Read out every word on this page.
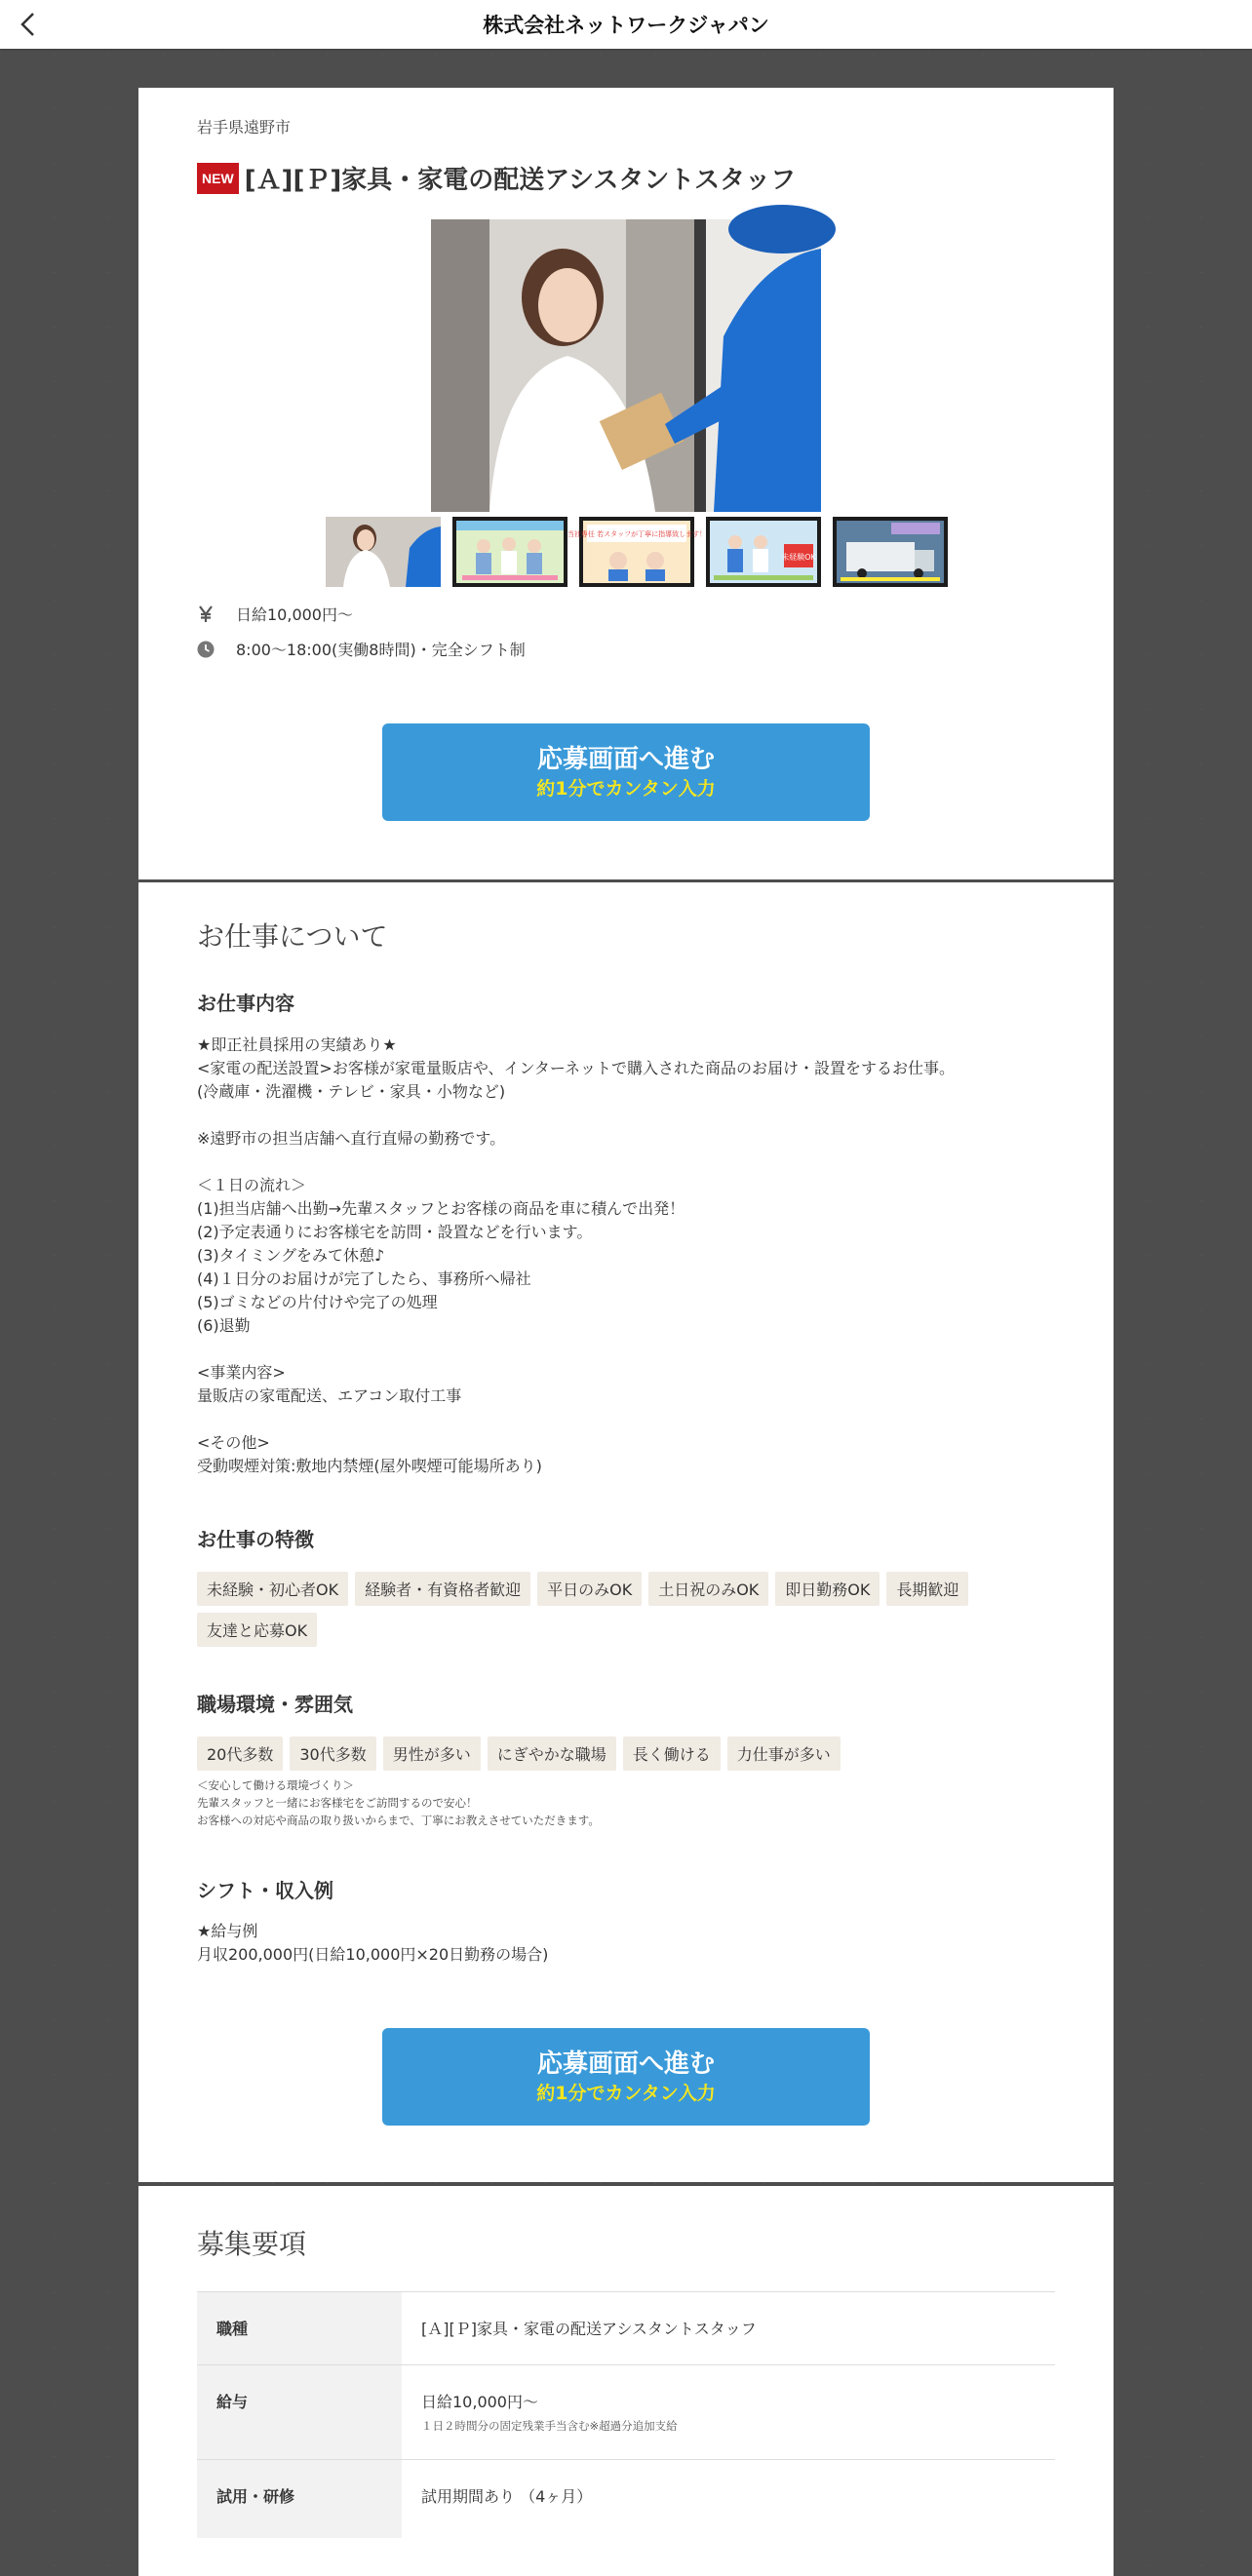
株式会社ネットワークジャパン
岩手県遠野市
NEW [Ａ][Ｐ]家具・家電の配送アシスタントスタッフ
当社専任 若スタッフが丁寧に指導致します！
未経験OK
日給10,000円〜
8:00～18:00(実働8時間)・完全シフト制
応募画面へ進む
約1分でカンタン入力
お仕事について
お仕事内容
★即正社員採用の実績あり★
<家電の配送設置>お客様が家電量販店や、インターネットで購入された商品のお届け・設置をするお仕事。
(冷蔵庫・洗濯機・テレビ・家具・小物など)

※遠野市の担当店舗へ直行直帰の勤務です。

＜１日の流れ＞
(1)担当店舗へ出勤→先輩スタッフとお客様の商品を車に積んで出発！
(2)予定表通りにお客様宅を訪問・設置などを行います。
(3)タイミングをみて休憩♪
(4)１日分のお届けが完了したら、事務所へ帰社
(5)ゴミなどの片付けや完了の処理
(6)退勤

<事業内容>
量販店の家電配送、エアコン取付工事

<その他>
受動喫煙対策:敷地内禁煙(屋外喫煙可能場所あり)
お仕事の特徴
未経験・初心者OK	経験者・有資格者歓迎	平日のみOK	土日祝のみOK	即日勤務OK	長期歓迎
友達と応募OK
職場環境・雰囲気
20代多数	30代多数	男性が多い	にぎやかな職場	長く働ける	力仕事が多い
＜安心して働ける環境づくり＞
先輩スタッフと一緒にお客様宅をご訪問するので安心！
お客様への対応や商品の取り扱いからまで、丁寧にお教えさせていただきます。
シフト・収入例
★給与例
月収200,000円(日給10,000円×20日勤務の場合)
応募画面へ進む
約1分でカンタン入力
募集要項
職種	[Ａ][Ｐ]家具・家電の配送アシスタントスタッフ

給与	日給10,000円〜
１日２時間分の固定残業手当含む※超過分追加支給

試用・研修	試用期間あり （4ヶ月）
